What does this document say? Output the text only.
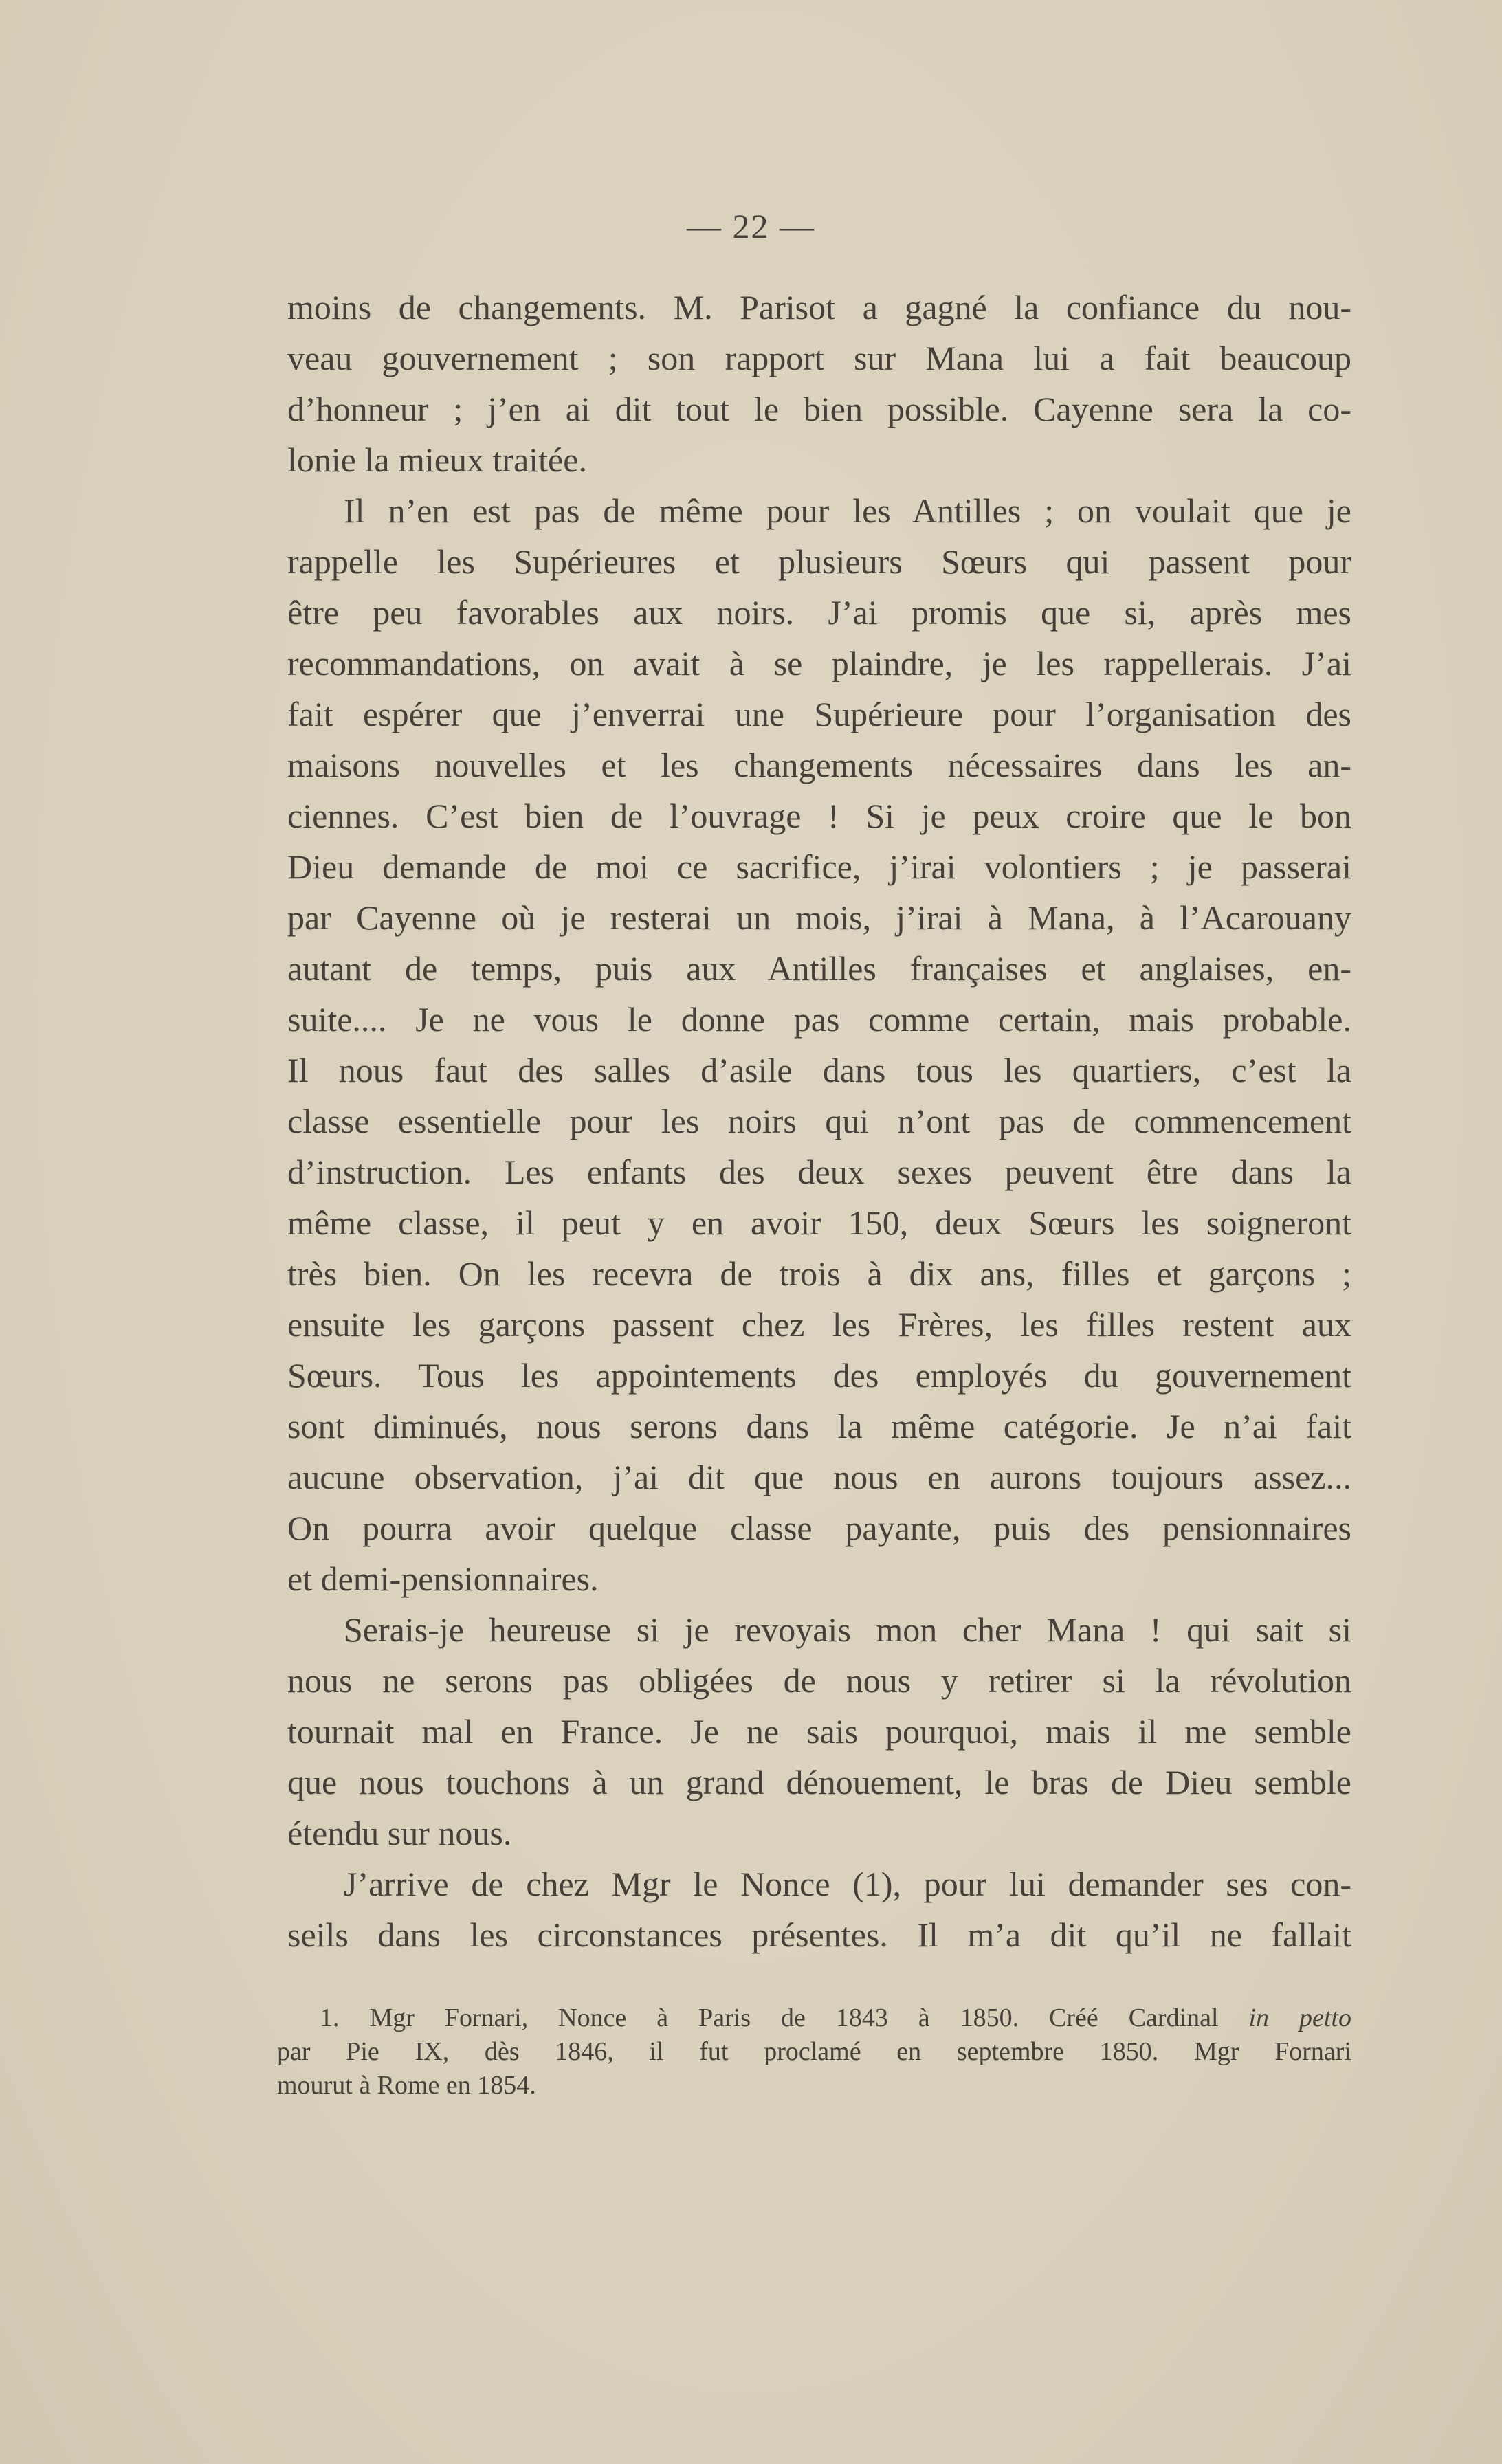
— 22 —
moins de changements. M. Parisot a gagné la confiance du nou-
veau gouvernement ; son rapport sur Mana lui a fait beaucoup
d’honneur ; j’en ai dit tout le bien possible. Cayenne sera la co-
lonie la mieux traitée.
Il n’en est pas de même pour les Antilles ; on voulait que je
rappelle les Supérieures et plusieurs Sœurs qui passent pour
être peu favorables aux noirs. J’ai promis que si, après mes
recommandations, on avait à se plaindre, je les rappellerais. J’ai
fait espérer que j’enverrai une Supérieure pour l’organisation des
maisons nouvelles et les changements nécessaires dans les an-
ciennes. C’est bien de l’ouvrage ! Si je peux croire que le bon
Dieu demande de moi ce sacrifice, j’irai volontiers ; je passerai
par Cayenne où je resterai un mois, j’irai à Mana, à l’Acarouany
autant de temps, puis aux Antilles françaises et anglaises, en-
suite.... Je ne vous le donne pas comme certain, mais probable.
Il nous faut des salles d’asile dans tous les quartiers, c’est la
classe essentielle pour les noirs qui n’ont pas de commencement
d’instruction. Les enfants des deux sexes peuvent être dans la
même classe, il peut y en avoir 150, deux Sœurs les soigneront
très bien. On les recevra de trois à dix ans, filles et garçons ;
ensuite les garçons passent chez les Frères, les filles restent aux
Sœurs. Tous les appointements des employés du gouvernement
sont diminués, nous serons dans la même catégorie. Je n’ai fait
aucune observation, j’ai dit que nous en aurons toujours assez...
On pourra avoir quelque classe payante, puis des pensionnaires
et demi-pensionnaires.
Serais-je heureuse si je revoyais mon cher Mana ! qui sait si
nous ne serons pas obligées de nous y retirer si la révolution
tournait mal en France. Je ne sais pourquoi, mais il me semble
que nous touchons à un grand dénouement, le bras de Dieu semble
étendu sur nous.
J’arrive de chez Mgr le Nonce (1), pour lui demander ses con-
seils dans les circonstances présentes. Il m’a dit qu’il ne fallait
1. Mgr Fornari, Nonce à Paris de 1843 à 1850. Créé Cardinal in petto
par Pie IX, dès 1846, il fut proclamé en septembre 1850. Mgr Fornari
mourut à Rome en 1854.
